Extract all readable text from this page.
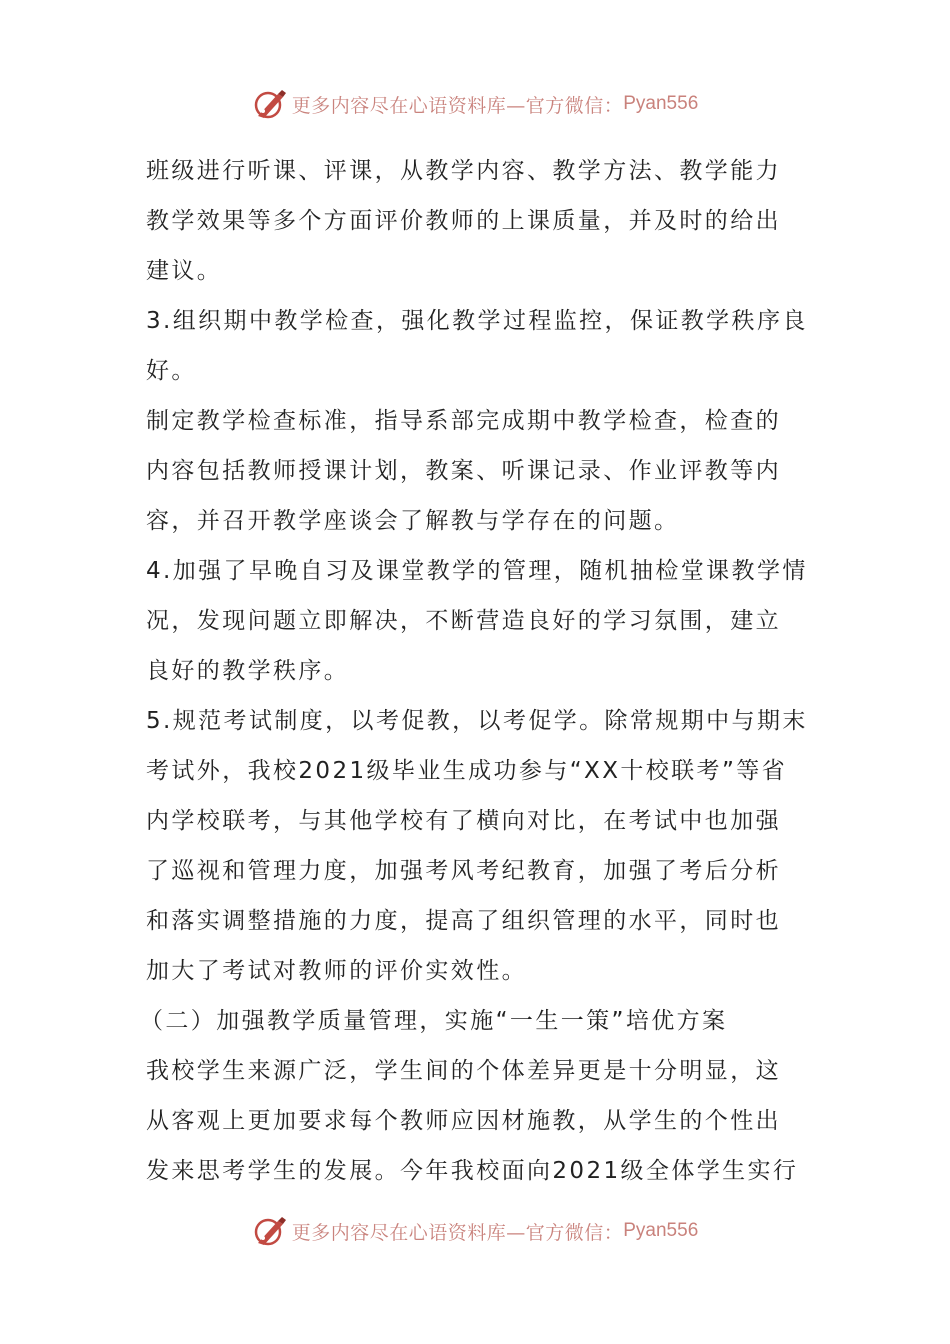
更多内容尽在心语资料库—官方微信： Pyan556
班级进行听课、评课，从教学内容、教学方法、教学能力
教学效果等多个方面评价教师的上课质量，并及时的给出
建议。
3.组织期中教学检查，强化教学过程监控，保证教学秩序良
好。
制定教学检查标准，指导系部完成期中教学检查，检查的
内容包括教师授课计划，教案、听课记录、作业评教等内
容，并召开教学座谈会了解教与学存在的问题。
4.加强了早晚自习及课堂教学的管理，随机抽检堂课教学情
况，发现问题立即解决，不断营造良好的学习氛围，建立
良好的教学秩序。
5.规范考试制度，以考促教，以考促学。除常规期中与期末
考试外，我校2021级毕业生成功参与“XX十校联考”等省
内学校联考，与其他学校有了横向对比，在考试中也加强
了巡视和管理力度，加强考风考纪教育，加强了考后分析
和落实调整措施的力度，提高了组织管理的水平，同时也
加大了考试对教师的评价实效性。
（二）加强教学质量管理，实施“一生一策”培优方案
我校学生来源广泛，学生间的个体差异更是十分明显，这
从客观上更加要求每个教师应因材施教，从学生的个性出
发来思考学生的发展。今年我校面向2021级全体学生实行
更多内容尽在心语资料库—官方微信： Pyan556
